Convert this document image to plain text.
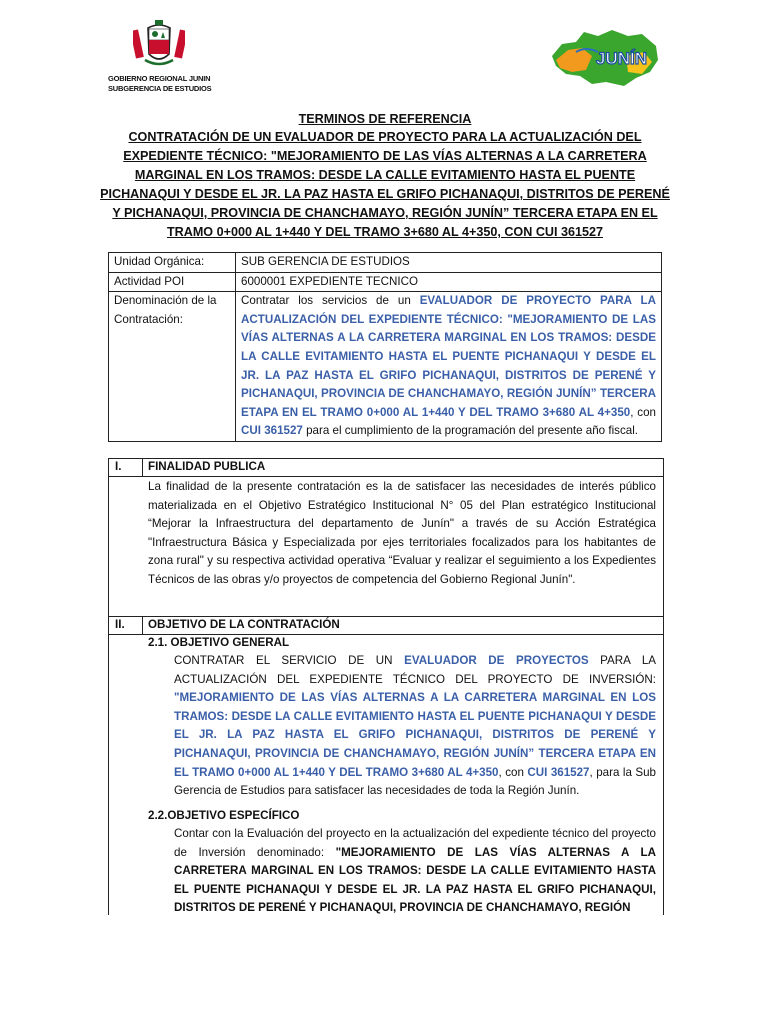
GOBIERNO REGIONAL JUNIN
SUBGERENCIA DE ESTUDIOS
JUNÍN
TERMINOS DE REFERENCIA
CONTRATACIÓN DE UN EVALUADOR DE PROYECTO PARA LA ACTUALIZACIÓN DEL EXPEDIENTE TÉCNICO: "MEJORAMIENTO DE LAS VÍAS ALTERNAS A LA CARRETERA MARGINAL EN LOS TRAMOS: DESDE LA CALLE EVITAMIENTO HASTA EL PUENTE PICHANAQUI Y DESDE EL JR. LA PAZ HASTA EL GRIFO PICHANAQUI, DISTRITOS DE PERENÉ Y PICHANAQUI, PROVINCIA DE CHANCHAMAYO, REGIÓN JUNÍN” TERCERA ETAPA EN EL TRAMO 0+000 AL 1+440 Y DEL TRAMO 3+680 AL 4+350, CON CUI 361527
Unidad Orgánica:	SUB GERENCIA DE ESTUDIOS
Actividad POI	6000001 EXPEDIENTE TECNICO
Denominación de la Contratación:	Contratar los servicios de un EVALUADOR DE PROYECTO PARA LA ACTUALIZACIÓN DEL EXPEDIENTE TÉCNICO: "MEJORAMIENTO DE LAS VÍAS ALTERNAS A LA CARRETERA MARGINAL EN LOS TRAMOS: DESDE LA CALLE EVITAMIENTO HASTA EL PUENTE PICHANAQUI Y DESDE EL JR. LA PAZ HASTA EL GRIFO PICHANAQUI, DISTRITOS DE PERENÉ Y PICHANAQUI, PROVINCIA DE CHANCHAMAYO, REGIÓN JUNÍN” TERCERA ETAPA EN EL TRAMO 0+000 AL 1+440 Y DEL TRAMO 3+680 AL 4+350, con CUI 361527 para el cumplimiento de la programación del presente año fiscal.
I. FINALIDAD PUBLICA
La finalidad de la presente contratación es la de satisfacer las necesidades de interés público materializada en el Objetivo Estratégico Institucional N° 05 del Plan estratégico Institucional “Mejorar la Infraestructura del departamento de Junín" a través de su Acción Estratégica "Infraestructura Básica y Especializada por ejes territoriales focalizados para los habitantes de zona rural" y su respectiva actividad operativa “Evaluar y realizar el seguimiento a los Expedientes Técnicos de las obras y/o proyectos de competencia del Gobierno Regional Junín".
II. OBJETIVO DE LA CONTRATACIÓN
2.1. OBJETIVO GENERAL
CONTRATAR EL SERVICIO DE UN EVALUADOR DE PROYECTOS PARA LA ACTUALIZACIÓN DEL EXPEDIENTE TÉCNICO DEL PROYECTO DE INVERSIÓN: "MEJORAMIENTO DE LAS VÍAS ALTERNAS A LA CARRETERA MARGINAL EN LOS TRAMOS: DESDE LA CALLE EVITAMIENTO HASTA EL PUENTE PICHANAQUI Y DESDE EL JR. LA PAZ HASTA EL GRIFO PICHANAQUI, DISTRITOS DE PERENÉ Y PICHANAQUI, PROVINCIA DE CHANCHAMAYO, REGIÓN JUNÍN” TERCERA ETAPA EN EL TRAMO 0+000 AL 1+440 Y DEL TRAMO 3+680 AL 4+350, con CUI 361527, para la Sub Gerencia de Estudios para satisfacer las necesidades de toda la Región Junín.
2.2.OBJETIVO ESPECÍFICO
Contar con la Evaluación del proyecto en la actualización del expediente técnico del proyecto de Inversión denominado: "MEJORAMIENTO DE LAS VÍAS ALTERNAS A LA CARRETERA MARGINAL EN LOS TRAMOS: DESDE LA CALLE EVITAMIENTO HASTA EL PUENTE PICHANAQUI Y DESDE EL JR. LA PAZ HASTA EL GRIFO PICHANAQUI, DISTRITOS DE PERENÉ Y PICHANAQUI, PROVINCIA DE CHANCHAMAYO, REGIÓN
